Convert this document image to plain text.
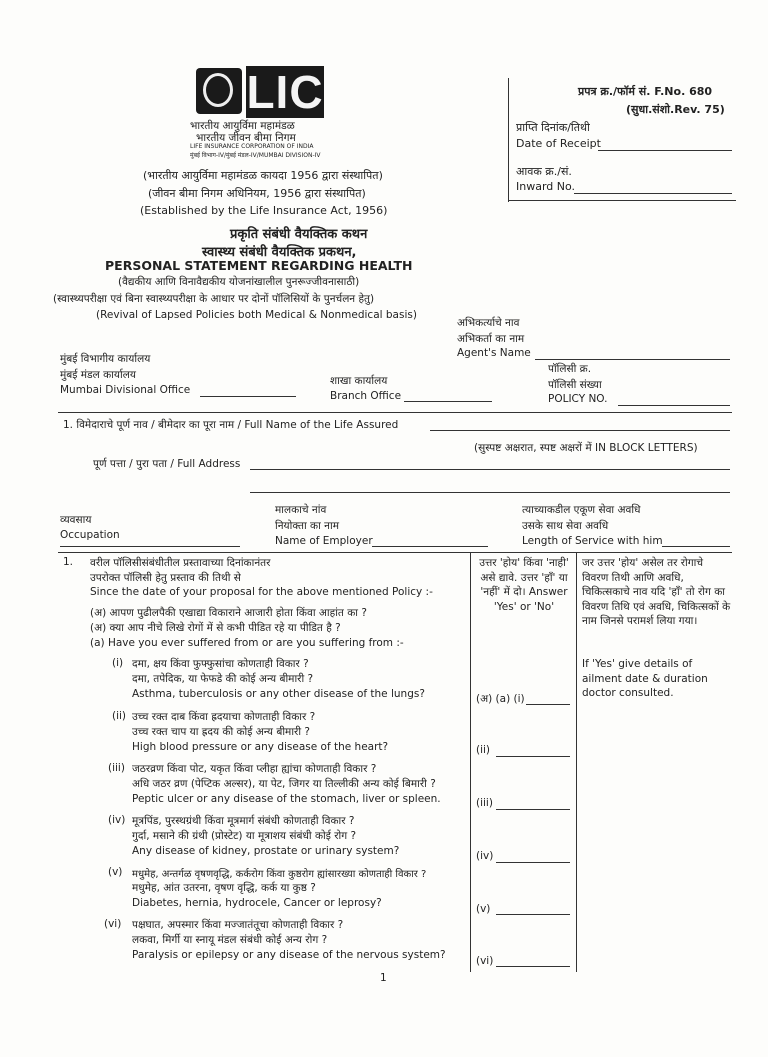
LIC
भारतीय आयुर्विमा महामंडळ
भारतीय जीवन बीमा निगम
LIFE INSURANCE CORPORATION OF INDIA
मुंबई विभाग-IV/मुंबई मंडल-IV/MUMBAI DIVISION-IV
(भारतीय आयुर्विमा महामंडळ कायदा 1956 द्वारा संस्थापित)
(जीवन बीमा निगम अधिनियम, 1956 द्वारा संस्थापित)
(Established by the Life Insurance Act, 1956)
प्रपत्र क्र./फॉर्म सं. F.No. 680
(सुधा.संशो.Rev. 75)
प्राप्ति दिनांक/तिथी
Date of Receipt
आवक क्र./सं.
Inward No.
प्रकृति संबंधी वैयक्तिक कथन
स्वास्थ्य संबंधी वैयक्तिक प्रकथन,
PERSONAL STATEMENT REGARDING HEALTH
(वैद्यकीय आणि विनावैद्यकीय योजनांखालील पुनरूज्जीवनासाठी)
(स्वास्थ्यपरीक्षा एवं बिना स्वास्थ्यपरीक्षा के आधार पर दोनों पॉलिसियों के पुनर्चलन हेतु)
(Revival of Lapsed Policies both Medical & Nonmedical basis)
अभिकर्त्याचे नाव
अभिकर्ता का नाम
Agent's Name
मुंबई विभागीय कार्यालय
मुंबई मंडल कार्यालय
Mumbai Divisional Office
शाखा कार्यालय
Branch Office
पॉलिसी क्र.
पॉलिसी संख्या
POLICY NO.
1. विमेदाराचे पूर्ण नाव / बीमेदार का पूरा नाम / Full Name of the Life Assured
(सुस्पष्ट अक्षरात, स्पष्ट अक्षरों में IN BLOCK LETTERS)
पूर्ण पत्ता / पुरा पता / Full Address
व्यवसाय
Occupation
मालकाचे नांव
नियोक्ता का नाम
Name of Employer
त्याच्याकडील एकूण सेवा अवधि
उसके साथ सेवा अवधि
Length of Service with him
उत्तर 'होय' किंवा 'नाही' असे द्यावे. उत्तर 'हाँ' या 'नहीं' में दो। Answer 'Yes' or 'No'
जर उत्तर 'होय' असेल तर रोगाचे विवरण तिथी आणि अवधि, चिकित्सकाचे नाव यदि 'हाँ' तो रोग का विवरण तिथि एवं अवधि, चिकित्सकों के नाम जिनसे परामर्श लिया गया।
If 'Yes' give details of ailment date & duration doctor consulted.
1. वरील पॉलिसीसंबंधीतील प्रस्तावाच्या दिनांकानंतर
उपरोक्त पॉलिसी हेतु प्रस्ताव की तिथी से
Since the date of your proposal for the above mentioned Policy :-
(अ) आपण पुढीलपैकी एखाद्या विकाराने आजारी होता किंवा आहांत का ?
(अ) क्या आप नीचे लिखे रोगों में से कभी पीडित रहे या पीडित है ?
(a) Have you ever suffered from or are you suffering from :-
(i) दमा, क्षय किंवा फुफ्फुसांचा कोणताही विकार ?
दमा, तपेदिक, या फेफडे की कोई अन्य बीमारी ?
Asthma, tuberculosis or any other disease of the lungs?	(अ) (a) (i)
(ii) उच्च रक्त दाब किंवा ह्रदयाचा कोणताही विकार ?
उच्च रक्त चाप या ह्रदय की कोई अन्य बीमारी ?
High blood pressure or any disease of the heart?	(ii)
(iii) जठरव्रण किंवा पोट, यकृत किंवा प्लीहा ह्यांचा कोणताही विकार ?
अधि जठर व्रण (पेप्टिक अल्सर), या पेट, जिगर या तिल्लीकी अन्य कोई बिमारी ?
Peptic ulcer or any disease of the stomach, liver or spleen.	(iii)
(iv) मूत्रपिंड, पुरस्थग्रंथी किंवा मूत्रमार्ग संबंधी कोणताही विकार ?
गुर्दा, मसाने की ग्रंथी (प्रोस्टेट) या मूत्राशय संबंधी कोई रोग ?
Any disease of kidney, prostate or urinary system?	(iv)
(v) मधुमेह, अन्तर्गळ वृषणवृद्धि, कर्करोग किंवा कुष्ठरोग ह्यांसारख्या कोणताही विकार ?
मधुमेह, आंत उतरना, वृषण वृद्धि, कर्क या कुष्ठ ?
Diabetes, hernia, hydrocele, Cancer or leprosy?	(v)
(vi) पक्षघात, अपस्मार किंवा मज्जातंतूचा कोणताही विकार ?
लकवा, मिर्गी या स्नायू मंडल संबंधी कोई अन्य रोग ?
Paralysis or epilepsy or any disease of the nervous system?	(vi)
1
